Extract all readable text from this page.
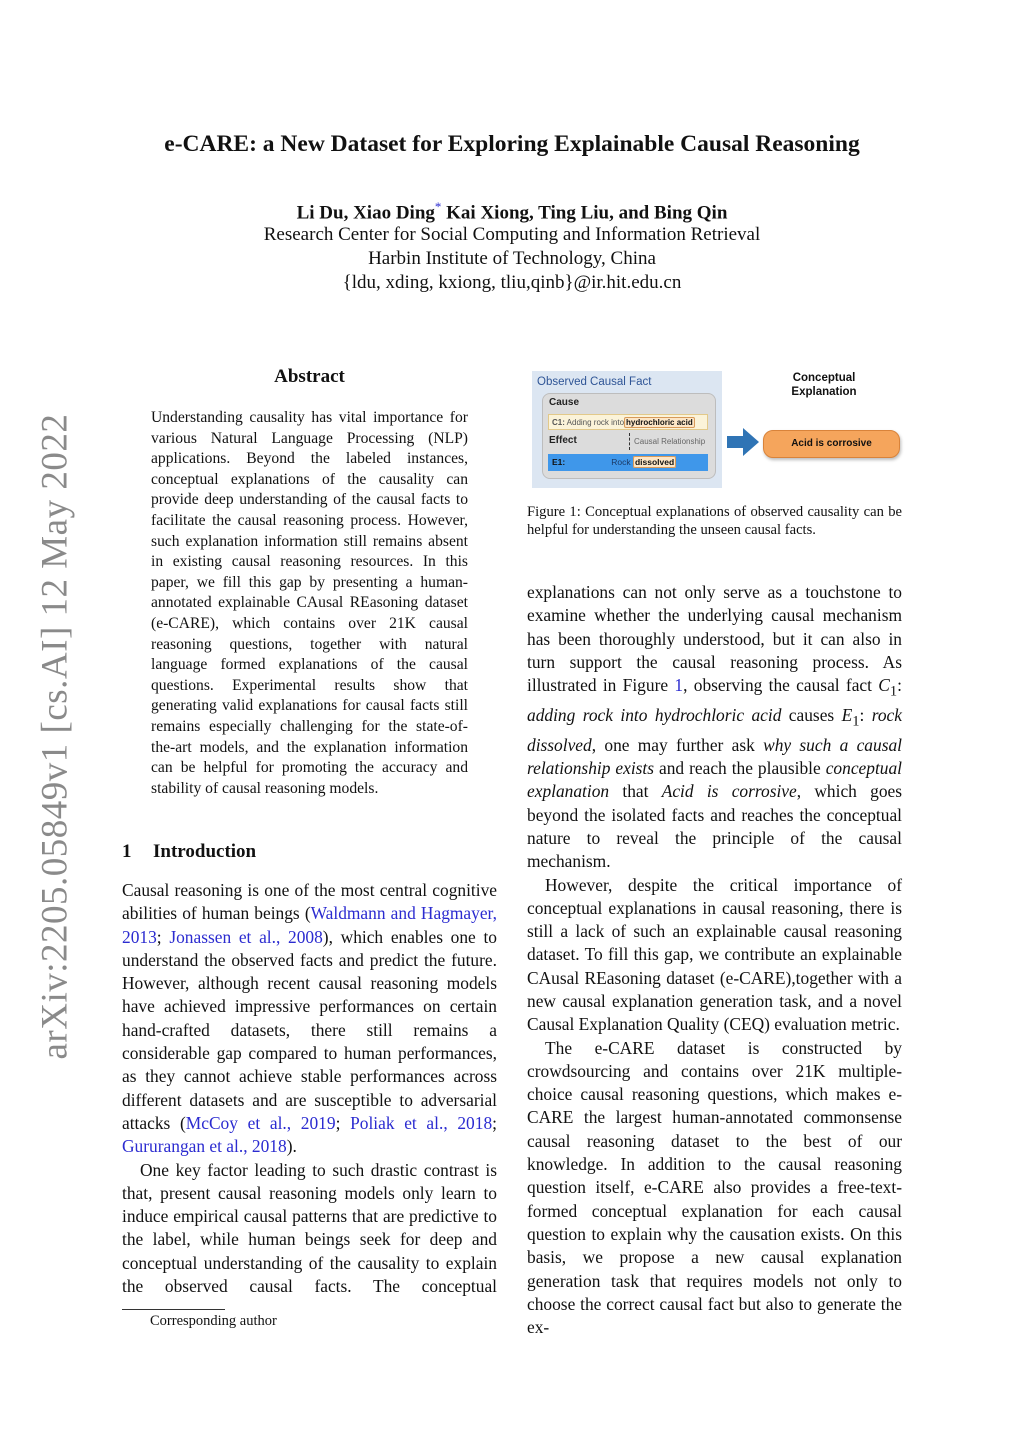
arXiv:2205.05849v1 [cs.AI] 12 May 2022
e-CARE: a New Dataset for Exploring Explainable Causal Reasoning
Li Du, Xiao Ding* Kai Xiong, Ting Liu, and Bing Qin
Research Center for Social Computing and Information Retrieval
Harbin Institute of Technology, China
{ldu, xding, kxiong, tliu,qinb}@ir.hit.edu.cn
Abstract
Understanding causality has vital importance for various Natural Language Processing (NLP) applications. Beyond the labeled instances, conceptual explanations of the causality can provide deep understanding of the causal facts to facilitate the causal reasoning process. However, such explanation information still remains absent in existing causal reasoning resources. In this paper, we fill this gap by presenting a human-annotated explainable CAusal REasoning dataset (e-CARE), which contains over 21K causal reasoning questions, together with natural language formed explanations of the causal questions. Experimental results show that generating valid explanations for causal facts still remains especially challenging for the state-of-the-art models, and the explanation information can be helpful for promoting the accuracy and stability of causal reasoning models.
1 Introduction

Causal reasoning is one of the most central cognitive abilities of human beings (Waldmann and Hagmayer, 2013; Jonassen et al., 2008), which enables one to understand the observed facts and predict the future. However, although recent causal reasoning models have achieved impressive performances on certain hand-crafted datasets, there still remains a considerable gap compared to human performances, as they cannot achieve stable performances across different datasets and are susceptible to adversarial attacks (McCoy et al., 2019; Poliak et al., 2018; Gururangan et al., 2018).

One key factor leading to such drastic contrast is that, present causal reasoning models only learn to induce empirical causal patterns that are predictive to the label, while human beings seek for deep and conceptual understanding of the causality to explain the observed causal facts. The conceptual

explanations can not only serve as a touchstone to examine whether the underlying causal mechanism has been thoroughly understood, but it can also in turn support the causal reasoning process. As illustrated in Figure 1, observing the causal fact $C_1$: adding rock into hydrochloric acid causes $E_1$: rock dissolved, one may further ask why such a causal relationship exists and reach the plausible conceptual explanation that Acid is corrosive, which goes beyond the isolated facts and reaches the conceptual nature to reveal the principle of the causal mechanism.

However, despite the critical importance of conceptual explanations in causal reasoning, there is still a lack of such an explainable causal reasoning dataset. To fill this gap, we contribute an explainable CAusal REasoning dataset (e-CARE),together with a new causal explanation generation task, and a novel Causal Explanation Quality (CEQ) evaluation metric.

The e-CARE dataset is constructed by crowdsourcing and contains over 21K multiple-choice causal reasoning questions, which makes e-CARE the largest human-annotated commonsense causal reasoning dataset to the best of our knowledge. In addition to the causal reasoning question itself, e-CARE also provides a free-text-formed conceptual explanation for each causal question to explain why the causation exists. On this basis, we propose a new causal explanation generation task that requires models not only to choose the correct causal fact but also to generate the ex-

Observed Causal Fact
Cause
C1: Adding rock into hydrochloric acid
Effect	Causal Relationship
E1:	Rock dissolved
Conceptual Explanation
Acid is corrosive
Figure 1: Conceptual explanations of observed causality can be helpful for understanding the unseen causal facts.
Corresponding author
